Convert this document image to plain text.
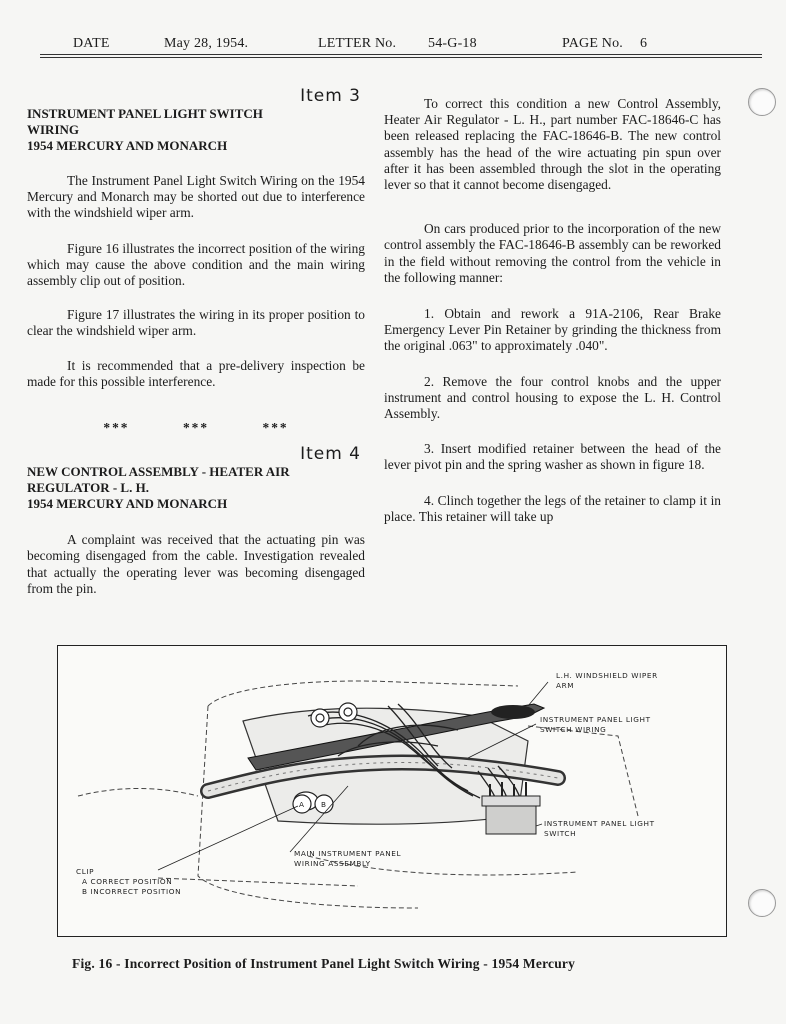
DATE	May 28, 1954.	LETTER No. 54-G-18	PAGE No. 6
Item 3
INSTRUMENT PANEL LIGHT SWITCH
WIRING
1954 MERCURY AND MONARCH

The Instrument Panel Light Switch Wiring on the 1954 Mercury and Monarch may be shorted out due to interference with the windshield wiper arm.

Figure 16 illustrates the incorrect position of the wiring which may cause the above condition and the main wiring assembly clip out of position.

Figure 17 illustrates the wiring in its proper position to clear the windshield wiper arm.

It is recommended that a pre-delivery inspection be made for this possible interference.

***          ***          ***
Item 4
NEW CONTROL ASSEMBLY - HEATER AIR
REGULATOR - L. H.
1954 MERCURY AND MONARCH

A complaint was received that the actuating pin was becoming disengaged from the cable. Investigation revealed that actually the operating lever was becoming disengaged from the pin.

To correct this condition a new Control Assembly, Heater Air Regulator - L. H., part number FAC-18646-C has been released replacing the FAC-18646-B. The new control assembly has the head of the wire actuating pin spun over after it has been assembled through the slot in the operating lever so that it cannot become disengaged.

On cars produced prior to the incorporation of the new control assembly the FAC-18646-B assembly can be reworked in the field without removing the control from the vehicle in the following manner:

1. Obtain and rework a 91A-2106, Rear Brake Emergency Lever Pin Retainer by grinding the thickness from the original .063" to approximately .040".

2. Remove the four control knobs and the upper instrument and control housing to expose the L. H. Control Assembly.

3. Insert modified retainer between the head of the lever pivot pin and the spring washer as shown in figure 18.

4. Clinch together the legs of the retainer to clamp it in place. This retainer will take up

A B
L.H. WINDSHIELD WIPER
ARM
INSTRUMENT PANEL LIGHT
SWITCH WIRING
INSTRUMENT PANEL LIGHT
SWITCH
MAIN INSTRUMENT PANEL
WIRING ASSEMBLY
CLIP
A CORRECT POSITION
B INCORRECT POSITION
Fig. 16 - Incorrect Position of Instrument Panel Light Switch Wiring - 1954 Mercury
